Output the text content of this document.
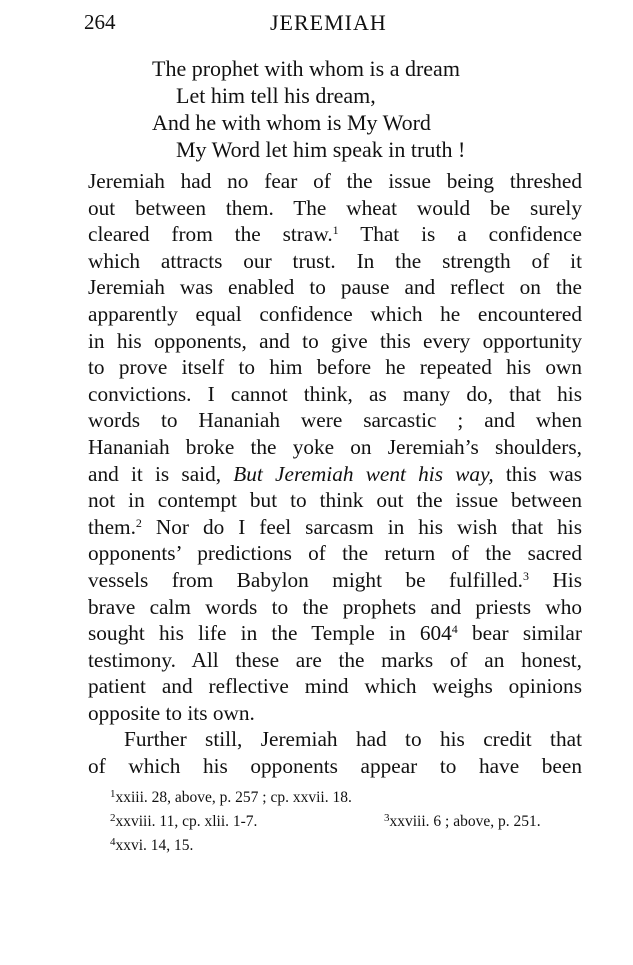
264	JEREMIAH
The prophet with whom is a dream
Let him tell his dream,
And he with whom is My Word
My Word let him speak in truth !
Jeremiah had no fear of the issue being threshed
out between them. The wheat would be surely
cleared from the straw.$^1$ That is a confidence
which attracts our trust. In the strength of it
Jeremiah was enabled to pause and reflect on the
apparently equal confidence which he encountered
in his opponents, and to give this every opportunity
to prove itself to him before he repeated his own
convictions. I cannot think, as many do, that his
words to Hananiah were sarcastic ; and when
Hananiah broke the yoke on Jeremiah’s shoulders,
and it is said, But Jeremiah went his way, this was
not in contempt but to think out the issue between
them.$^2$ Nor do I feel sarcasm in his wish that his
opponents’ predictions of the return of the sacred
vessels from Babylon might be fulfilled.$^3$ His
brave calm words to the prophets and priests who
sought his life in the Temple in $604^4$ bear similar
testimony. All these are the marks of an honest,
patient and reflective mind which weighs opinions
opposite to its own.
Further still, Jeremiah had to his credit that
of which his opponents appear to have been
$^1$xxiii. 28, above, p. 257 ; cp. xxvii. 18.
$^2$xxviii. 11, cp. xlii. 1-7.	$^3$xxviii. 6 ; above, p. 251.
$^4$xxvi. 14, 15.
